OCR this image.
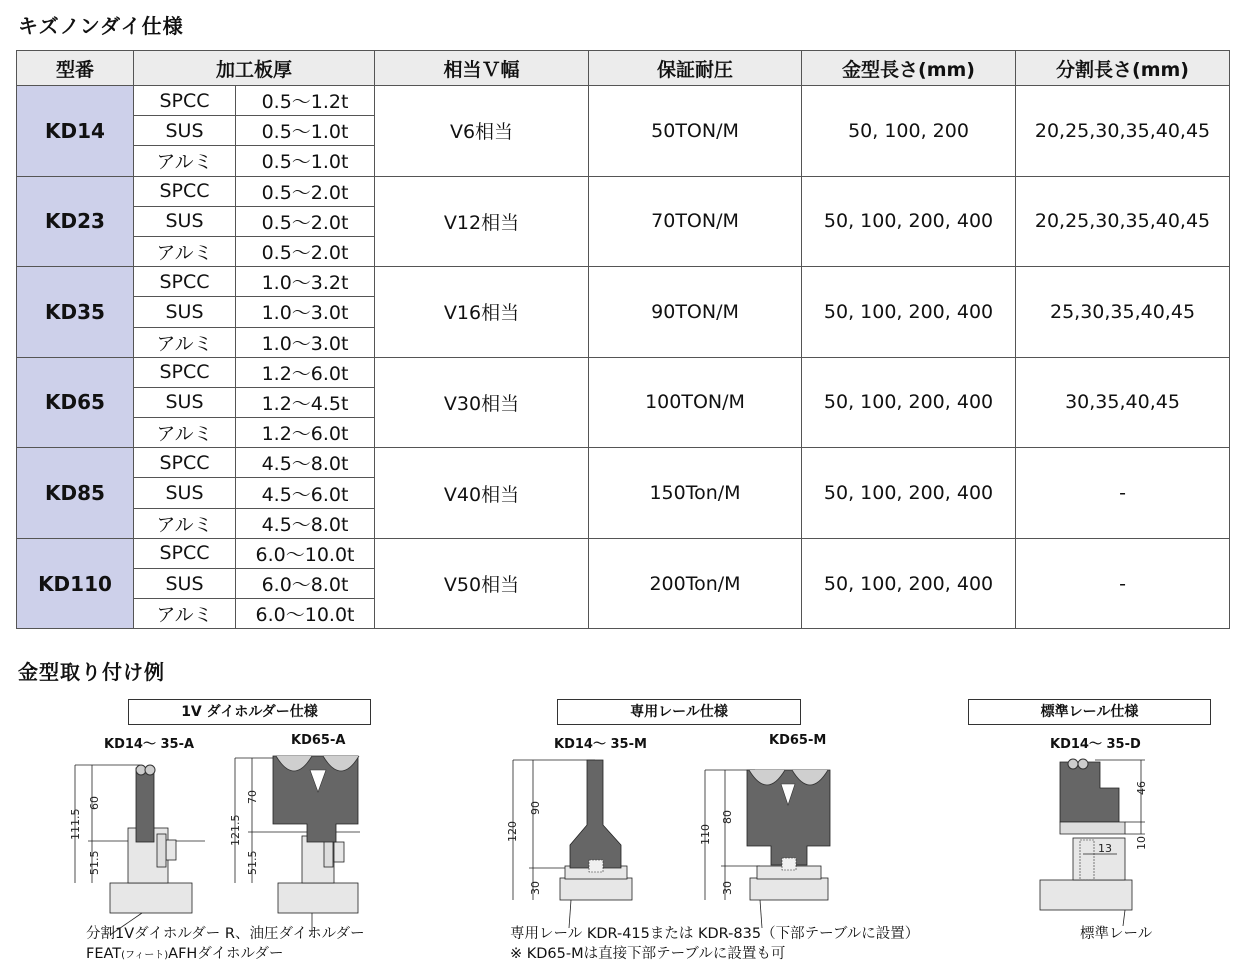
キズノンダイ仕様
型番	加工板厚		相当Ｖ幅	保証耐圧	金型長さ(mm)	分割長さ(mm)
KD14	SPCC	0.5～1.2t	V6相当	50TON/M	50, 100, 200	20,25,30,35,40,45
	SUS	0.5～1.0t				
	アルミ	0.5～1.0t				
KD23	SPCC	0.5～2.0t	V12相当	70TON/M	50, 100, 200, 400	20,25,30,35,40,45
	SUS	0.5～2.0t				
	アルミ	0.5～2.0t				
KD35	SPCC	1.0～3.2t	V16相当	90TON/M	50, 100, 200, 400	25,30,35,40,45
	SUS	1.0～3.0t				
	アルミ	1.0～3.0t				
KD65	SPCC	1.2～6.0t	V30相当	100TON/M	50, 100, 200, 400	30,35,40,45
	SUS	1.2～4.5t				
	アルミ	1.2～6.0t				
KD85	SPCC	4.5～8.0t	V40相当	150Ton/M	50, 100, 200, 400	-
	SUS	4.5～6.0t				
	アルミ	4.5～8.0t				
KD110	SPCC	6.0～10.0t	V50相当	200Ton/M	50, 100, 200, 400	-
	SUS	6.0～8.0t				
	アルミ	6.0～10.0t				
金型取り付け例
1V ダイホルダー仕様
KD14～ 35-A	KD65-A
60
111.5
51.5
70
121.5
51.5
分割1Vダイホルダー R、油圧ダイホルダー
FEAT(フィート)AFHダイホルダー
専用レール仕様
KD14～ 35-M	KD65-M
90
120
30
80
110
30
専用レール KDR-415または KDR-835（下部テーブルに設置）
※ KD65-Mは直接下部テーブルに設置も可
標準レール仕様
KD14～ 35-D
46
13 10
標準レール
